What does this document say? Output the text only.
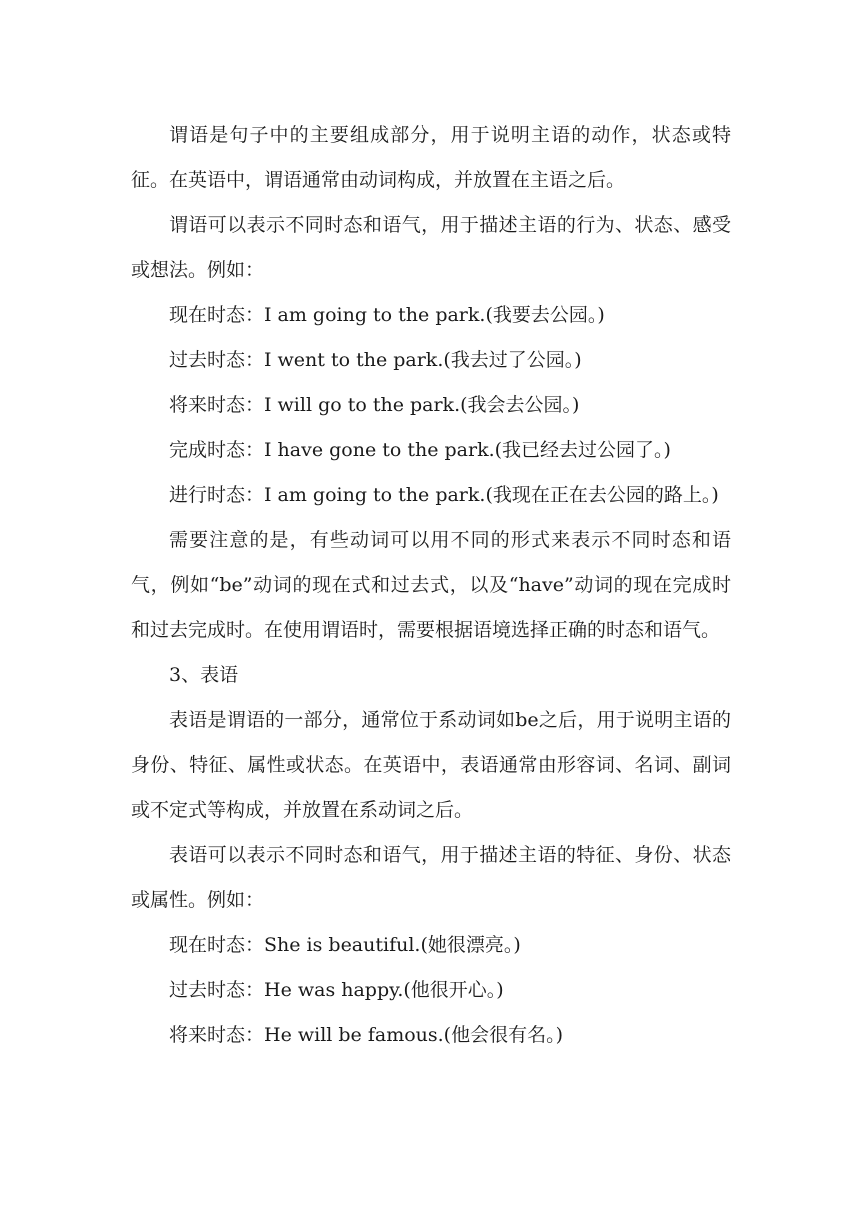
谓语是句子中的主要组成部分，用于说明主语的动作，状态或特征。在英语中，谓语通常由动词构成，并放置在主语之后。

谓语可以表示不同时态和语气，用于描述主语的行为、状态、感受或想法。例如：

现在时态：I am going to the park.(我要去公园。)

过去时态：I went to the park.(我去过了公园。)

将来时态：I will go to the park.(我会去公园。)

完成时态：I have gone to the park.(我已经去过公园了。)

进行时态：I am going to the park.(我现在正在去公园的路上。)

需要注意的是，有些动词可以用不同的形式来表示不同时态和语气，例如“be”动词的现在式和过去式，以及“have”动词的现在完成时和过去完成时。在使用谓语时，需要根据语境选择正确的时态和语气。

3、表语

表语是谓语的一部分，通常位于系动词如be之后，用于说明主语的身份、特征、属性或状态。在英语中，表语通常由形容词、名词、副词或不定式等构成，并放置在系动词之后。

表语可以表示不同时态和语气，用于描述主语的特征、身份、状态或属性。例如：

现在时态：She is beautiful.(她很漂亮。)

过去时态：He was happy.(他很开心。)

将来时态：He will be famous.(他会很有名。)
